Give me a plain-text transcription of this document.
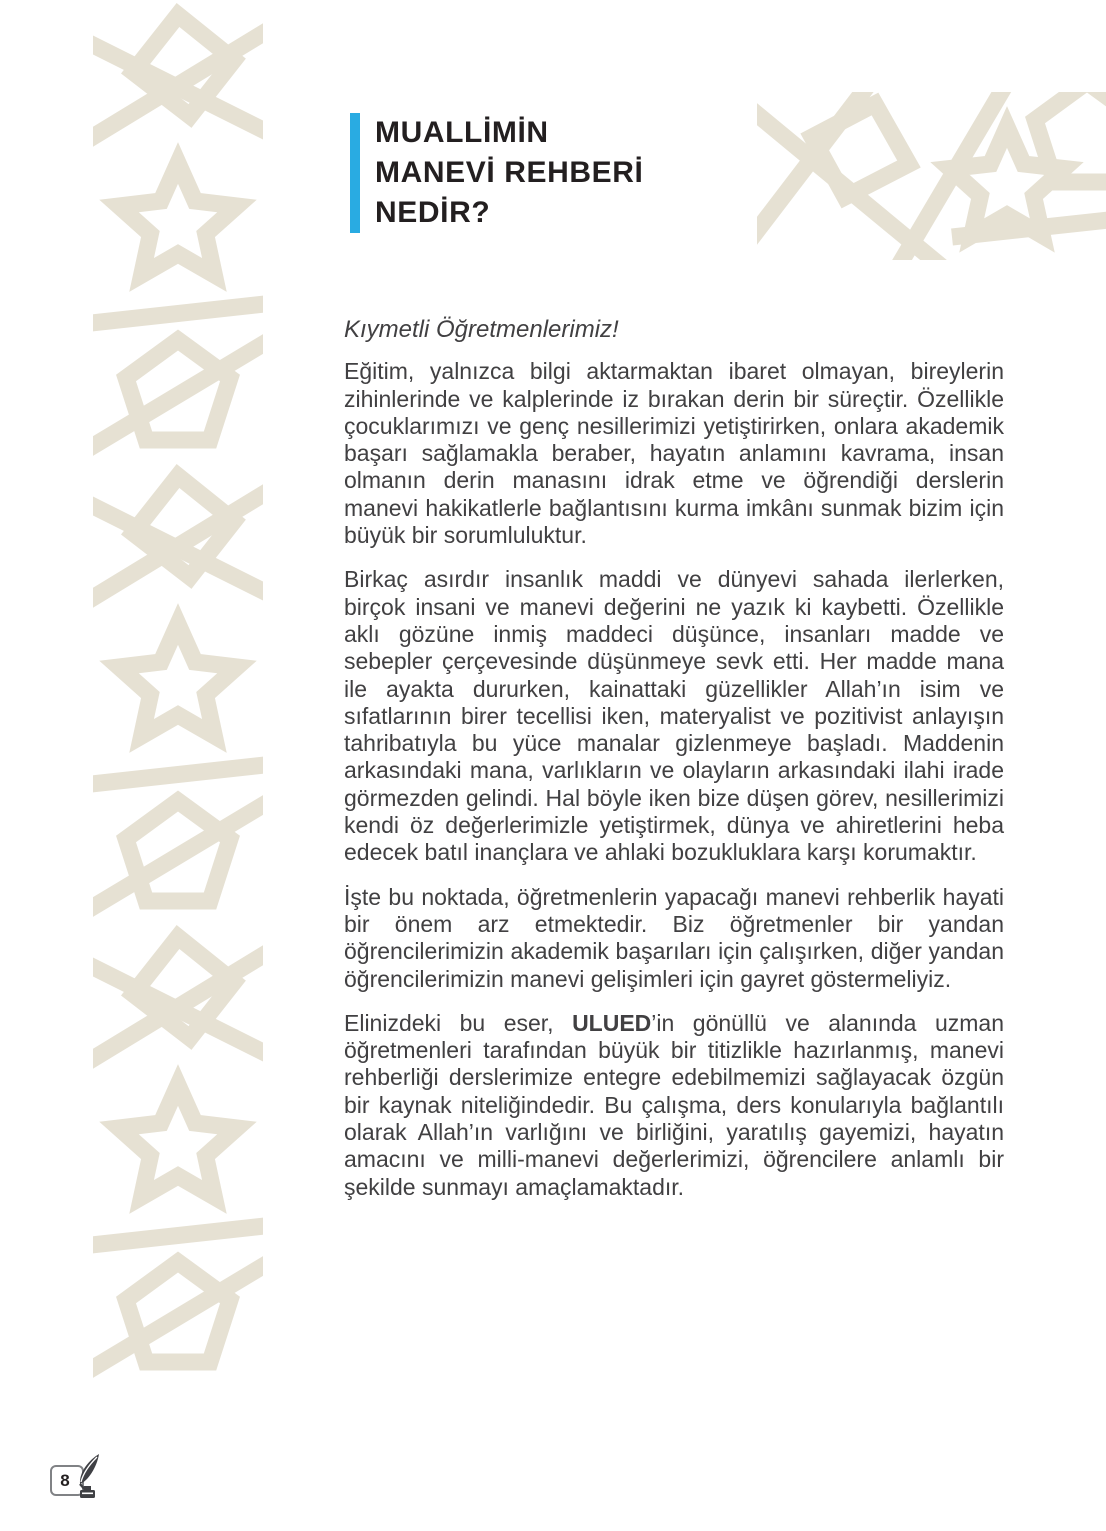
MUALLİMİN
MANEVİ REHBERİ
NEDİR?

Kıymetli Öğretmenlerimiz!

Eğitim, yalnızca bilgi aktarmaktan ibaret olmayan, bireylerin zihinlerinde ve kalplerinde iz bırakan derin bir süreçtir. Özellikle çocuklarımızı ve genç nesillerimizi yetiştirirken, onlara akademik başarı sağlamakla beraber, hayatın anlamını kavrama, insan olmanın derin manasını idrak etme ve öğrendiği derslerin manevi hakikatlerle bağlantısını kurma imkânı sunmak bizim için büyük bir sorumluluktur.

Birkaç asırdır insanlık maddi ve dünyevi sahada ilerlerken, birçok insani ve manevi değerini ne yazık ki kaybetti. Özellikle aklı gözüne inmiş maddeci düşünce, insanları madde ve sebepler çerçevesinde düşünmeye sevk etti. Her madde mana ile ayakta dururken, kainattaki güzellikler Allah’ın isim ve sıfatlarının birer tecellisi iken, materyalist ve pozitivist anlayışın tahribatıyla bu yüce manalar gizlenmeye başladı. Maddenin arkasındaki mana, varlıkların ve olayların arkasındaki ilahi irade görmezden gelindi. Hal böyle iken bize düşen görev, nesillerimizi kendi öz değerlerimizle yetiştirmek, dünya ve ahiretlerini heba edecek batıl inançlara ve ahlaki bozukluklara karşı korumaktır.

İşte bu noktada, öğretmenlerin yapacağı manevi rehberlik hayati bir önem arz etmektedir. Biz öğretmenler bir yandan öğrencilerimizin akademik başarıları için çalışırken, diğer yandan öğrencilerimizin manevi gelişimleri için gayret göstermeliyiz.

Elinizdeki bu eser, ULUED’in gönüllü ve alanında uzman öğretmenleri tarafından büyük bir titizlikle hazırlanmış, manevi rehberliği derslerimize entegre edebilmemizi sağlayacak özgün bir kaynak niteliğindedir. Bu çalışma, ders konularıyla bağlantılı olarak Allah’ın varlığını ve birliğini, yaratılış gayemizi, hayatın amacını ve milli-manevi değerlerimizi, öğrencilere anlamlı bir şekilde sunmayı amaçlamaktadır.

8
